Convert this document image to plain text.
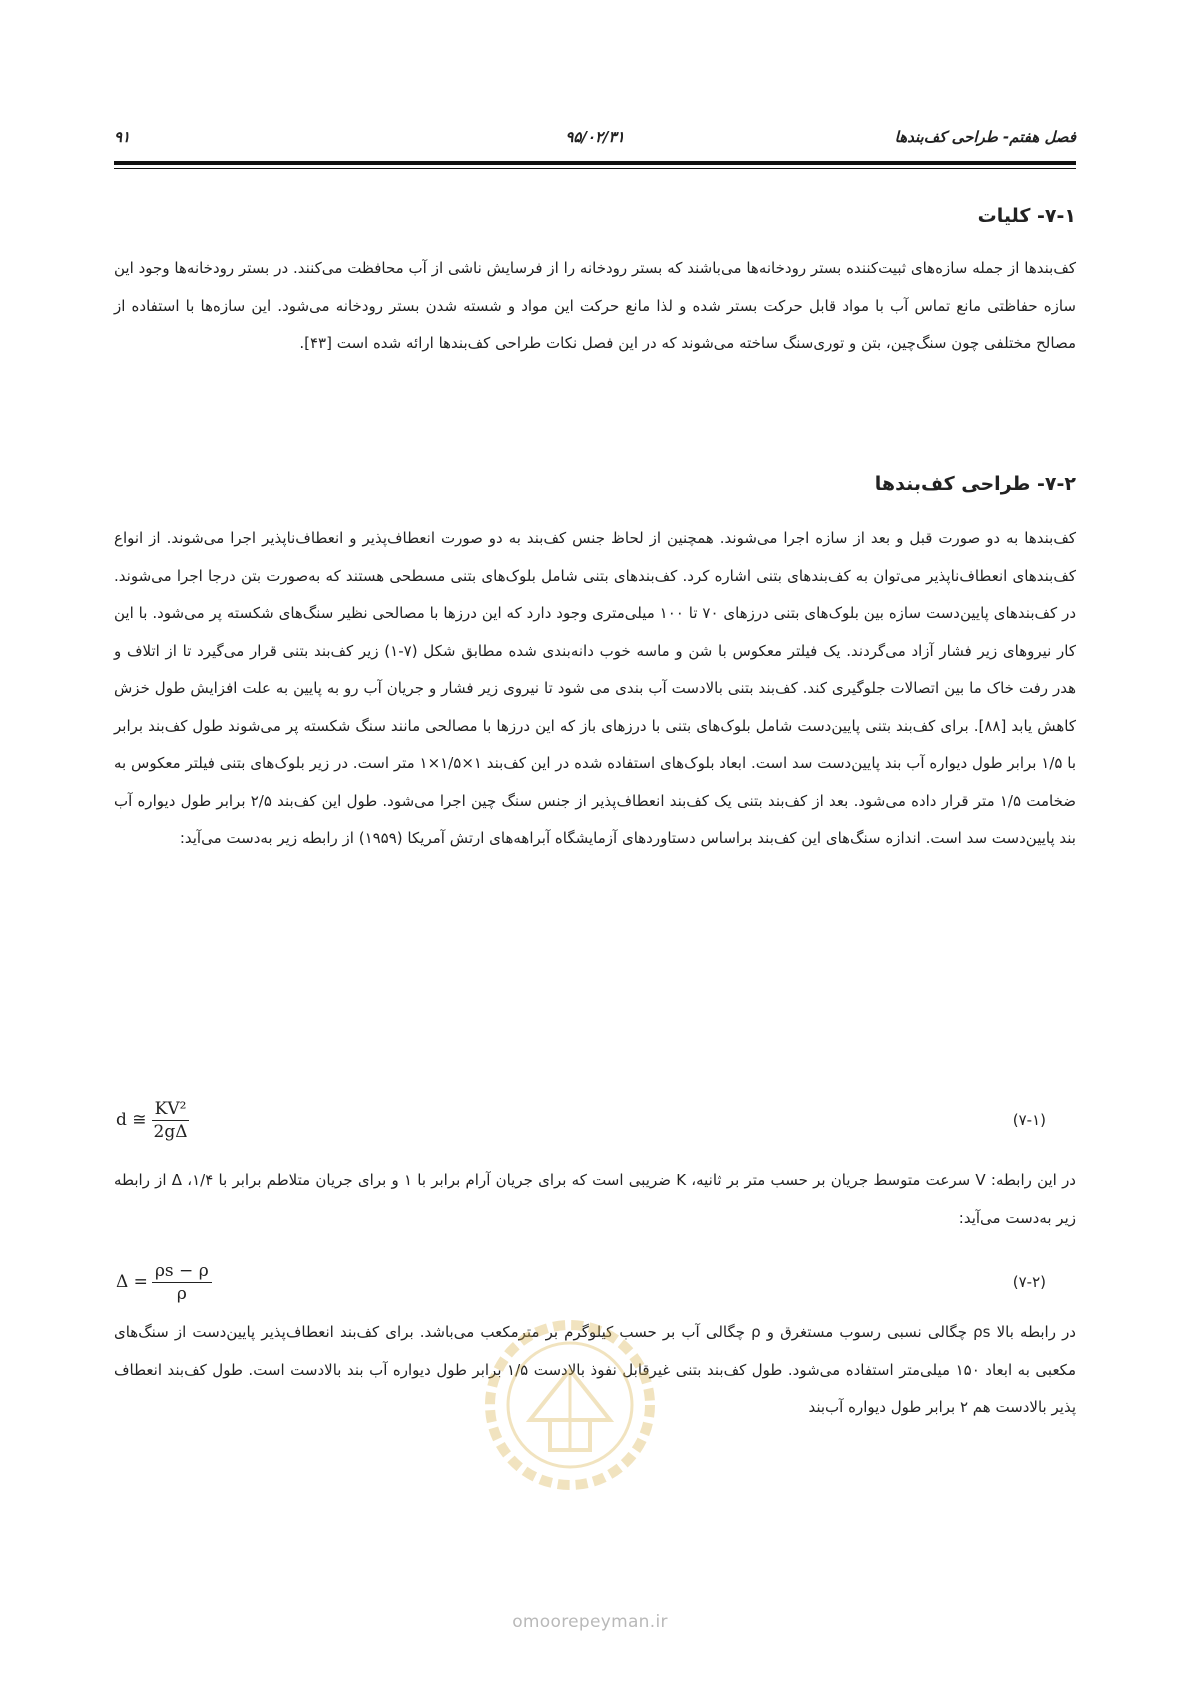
فصل هفتم- طراحی کف‌بندها
۹۵/۰۲/۳۱
۹۱
۷-۱- کلیات

کف‌بندها از جمله سازه‌های ثبیت‌کننده بستر رودخانه‌ها می‌باشند که بستر رودخانه را از فرسایش ناشی از آب محافظت می‌کنند. در بستر رودخانه‌ها وجود این سازه حفاظتی مانع تماس آب با مواد قابل حرکت بستر شده و لذا مانع حرکت این مواد و شسته شدن بستر رودخانه می‌شود. این سازه‌ها با استفاده از مصالح مختلفی چون سنگ‌چین، بتن و توری‌سنگ ساخته می‌شوند که در این فصل نکات طراحی کف‌بندها ارائه شده است [۴۳].

۷-۲- طراحی کف‌بندها

کف‌بندها به دو صورت قبل و بعد از سازه اجرا می‌شوند. همچنین از لحاظ جنس کف‌بند به دو صورت انعطاف‌پذیر و انعطاف‌ناپذیر اجرا می‌شوند. از انواع کف‌بندهای انعطاف‌ناپذیر می‌توان به کف‌بندهای بتنی اشاره کرد. کف‌بندهای بتنی شامل بلوک‌های بتنی مسطحی هستند که به‌صورت بتن درجا اجرا می‌شوند. در کف‌بندهای پایین‌دست سازه بین بلوک‌های بتنی درزهای ۷۰ تا ۱۰۰ میلی‌متری وجود دارد که این درزها با مصالحی نظیر سنگ‌های شکسته پر می‌شود. با این کار نیروهای زیر فشار آزاد می‌گردند. یک فیلتر معکوس با شن و ماسه خوب دانه‌بندی شده مطابق شکل (۷-۱) زیر کف‌بند بتنی قرار می‌گیرد تا از اتلاف و هدر رفت خاک ما بین اتصالات جلوگیری کند. کف‌بند بتنی بالادست آب بندی می شود تا نیروی زیر فشار و جریان آب رو به پایین به علت افزایش طول خزش کاهش یابد [۸۸]. برای کف‌بند بتنی پایین‌دست شامل بلوک‌های بتنی با درزهای باز که این درزها با مصالحی مانند سنگ شکسته پر می‌شوند طول کف‌بند برابر با ۱/۵ برابر طول دیواره آب بند پایین‌دست سد است. ابعاد بلوک‌های استفاده شده در این کف‌بند ۱×۱/۵×۱ متر است. در زیر بلوک‌های بتنی فیلتر معکوس به ضخامت ۱/۵ متر قرار داده می‌شود. بعد از کف‌بند بتنی یک کف‌بند انعطاف‌پذیر از جنس سنگ چین اجرا می‌شود. طول این کف‌بند ۲/۵ برابر طول دیواره آب بند پایین‌دست سد است. اندازه سنگ‌های این کف‌بند براساس دستاوردهای آزمایشگاه آبراهه‌های ارتش آمریکا (۱۹۵۹) از رابطه زیر به‌دست می‌آید:

d ≅ $\frac{\text{KV²}}{2g\Delta}$	(۷-۱)

در این رابطه: V سرعت متوسط جریان بر حسب متر بر ثانیه، K ضریبی است که برای جریان آرام برابر با ۱ و برای جریان متلاطم برابر با ۱/۴، Δ از رابطه زیر به‌دست می‌آید:

$\Delta = \frac{\rho s - \rho}{\rho}$	(۷-۲)

در رابطه بالا ρs چگالی نسبی رسوب مستغرق و ρ چگالی آب بر حسب کیلوگرم بر مترمکعب می‌باشد. برای کف‌بند انعطاف‌پذیر پایین‌دست از سنگ‌های مکعبی به ابعاد ۱۵۰ میلی‌متر استفاده می‌شود. طول کف‌بند بتنی غیرقابل نفوذ بالادست ۱/۵ برابر طول دیواره آب بند بالادست است. طول کف‌بند انعطاف پذیر بالادست هم ۲ برابر طول دیواره آب‌بند

omoorepeyman.ir
